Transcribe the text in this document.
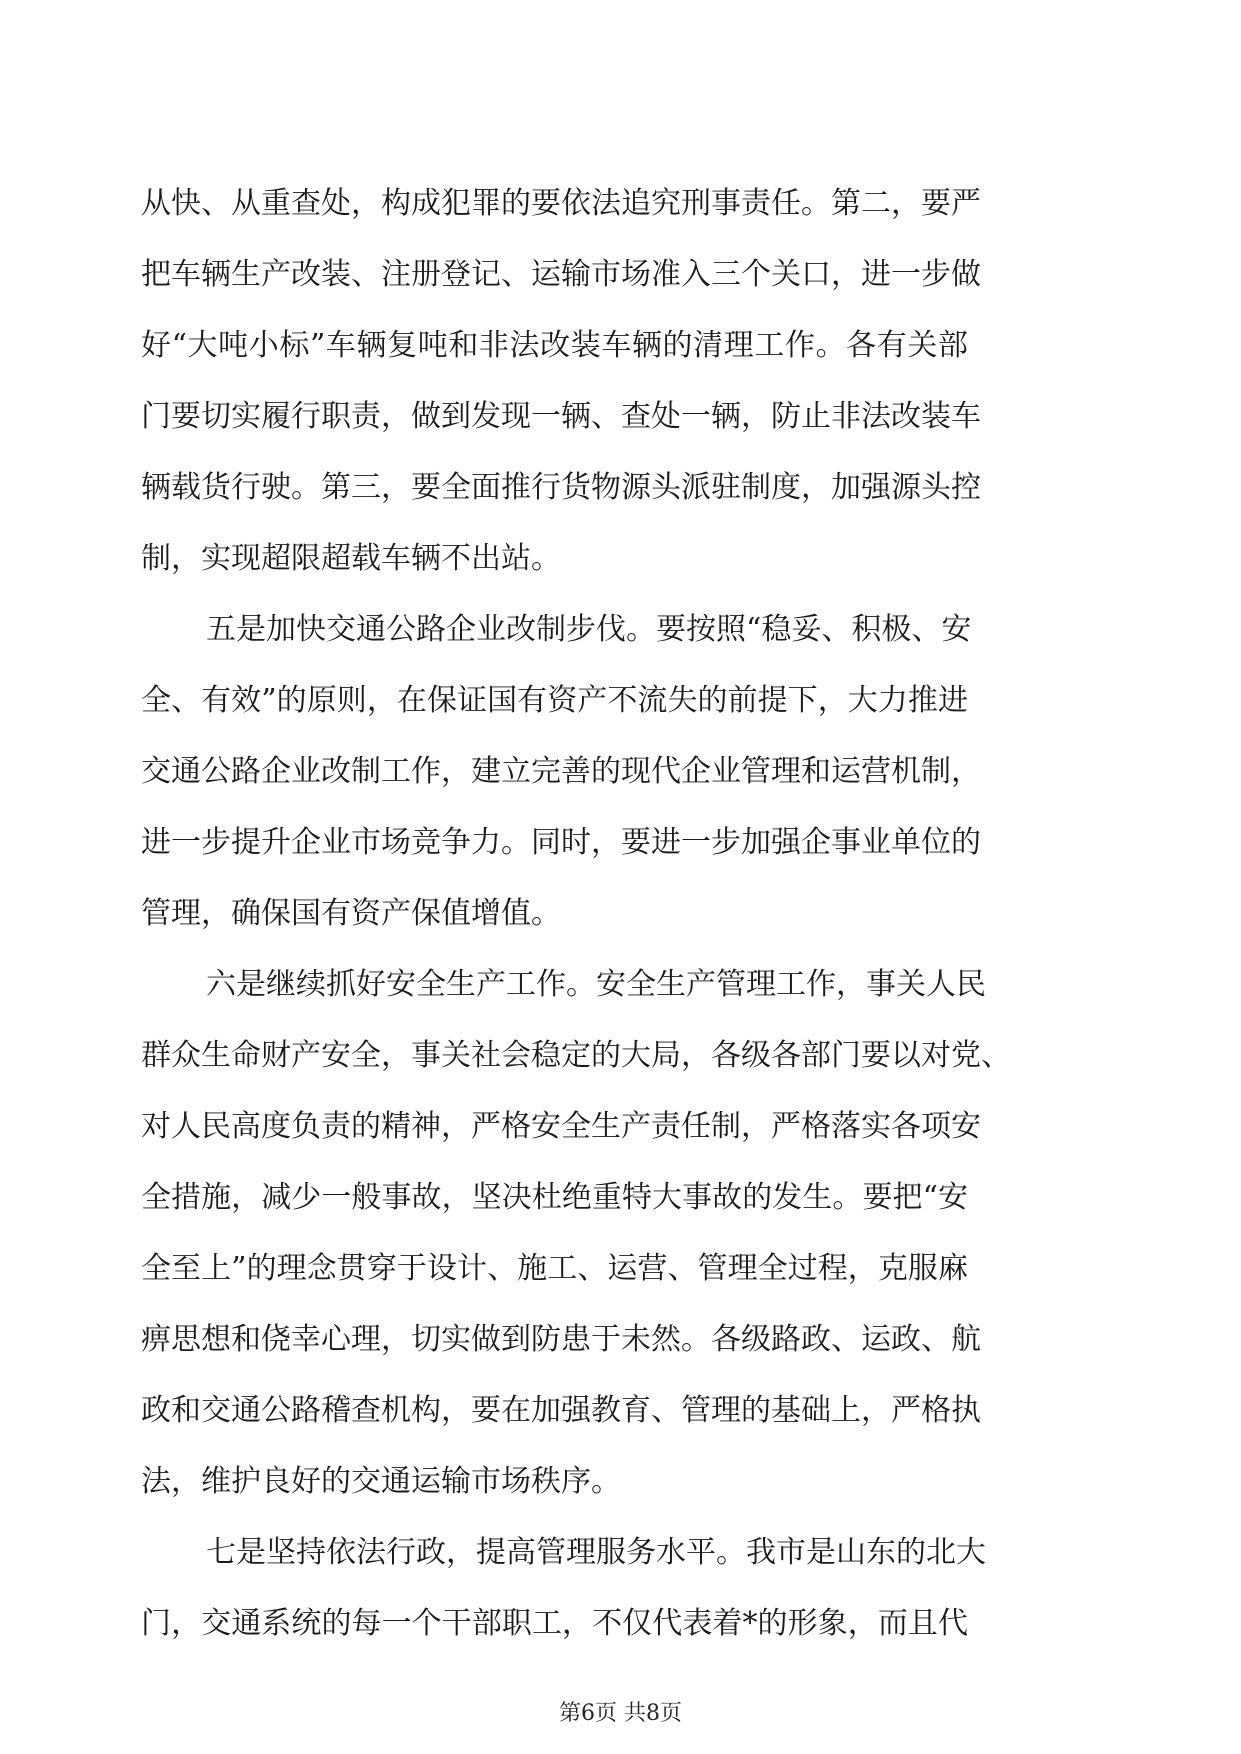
从快、从重查处，构成犯罪的要依法追究刑事责任。第二，要严
把车辆生产改装、注册登记、运输市场准入三个关口，进一步做
好“大吨小标”车辆复吨和非法改装车辆的清理工作。各有关部
门要切实履行职责，做到发现一辆、查处一辆，防止非法改装车
辆载货行驶。第三，要全面推行货物源头派驻制度，加强源头控
制，实现超限超载车辆不出站。
五是加快交通公路企业改制步伐。要按照“稳妥、积极、安
全、有效”的原则，在保证国有资产不流失的前提下，大力推进
交通公路企业改制工作，建立完善的现代企业管理和运营机制，
进一步提升企业市场竞争力。同时，要进一步加强企事业单位的
管理，确保国有资产保值增值。
六是继续抓好安全生产工作。安全生产管理工作，事关人民
群众生命财产安全，事关社会稳定的大局，各级各部门要以对党、
对人民高度负责的精神，严格安全生产责任制，严格落实各项安
全措施，减少一般事故，坚决杜绝重特大事故的发生。要把“安
全至上”的理念贯穿于设计、施工、运营、管理全过程，克服麻
痹思想和侥幸心理，切实做到防患于未然。各级路政、运政、航
政和交通公路稽查机构，要在加强教育、管理的基础上，严格执
法，维护良好的交通运输市场秩序。
第6页 共8页
七是坚持依法行政，提高管理服务水平。我市是山东的北大
门，交通系统的每一个干部职工，不仅代表着*的形象，而且代
